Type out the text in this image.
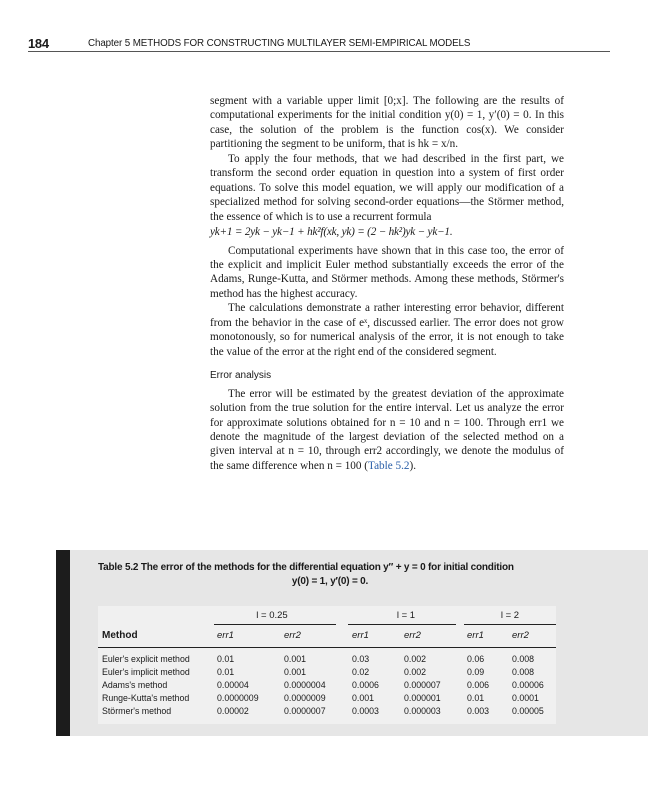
184	Chapter 5 METHODS FOR CONSTRUCTING MULTILAYER SEMI-EMPIRICAL MODELS

segment with a variable upper limit [0;x]. The following are the results of computational experiments for the initial condition y(0) = 1, y′(0) = 0. In this case, the solution of the problem is the function cos(x). We consider partitioning the segment to be uniform, that is hk = x/n.

To apply the four methods, that we had described in the first part, we transform the second order equation in question into a system of first order equations. To solve this model equation, we will apply our modification of a specialized method for solving second-order equations—the Störmer method, the essence of which is to use a recurrent formula

yk+1 = 2yk − yk−1 + hk²f(xk, yk) = (2 − hk²)yk − yk−1.

Computational experiments have shown that in this case too, the error of the explicit and implicit Euler method substantially exceeds the error of the Adams, Runge-Kutta, and Störmer methods. Among these methods, Störmer's method has the highest accuracy.

The calculations demonstrate a rather interesting error behavior, different from the behavior in the case of eˣ, discussed earlier. The error does not grow monotonously, so for numerical analysis of the error, it is not enough to take the value of the error at the right end of the considered segment.

Error analysis

The error will be estimated by the greatest deviation of the approximate solution from the true solution for the entire interval. Let us analyze the error for approximate solutions obtained for n = 10 and n = 100. Through err1 we denote the magnitude of the largest deviation of the selected method on a given interval at n = 10, through err2 accordingly, we denote the modulus of the same difference when n = 100 (Table 5.2).

Table 5.2 The error of the methods for the differential equation y″ + y = 0 for initial condition
y(0) = 1, y′(0) = 0.
l = 0.25	l = 1	l = 2
Method	err1	err2	err1	err2	err1	err2
Euler's explicit method	0.01	0.001	0.03	0.002	0.06	0.008
Euler's implicit method	0.01	0.001	0.02	0.002	0.09	0.008
Adams's method	0.00004	0.0000004	0.0006	0.000007	0.006	0.00006
Runge-Kutta's method	0.0000009	0.0000009	0.001	0.000001	0.01	0.0001
Störmer's method	0.00002	0.0000007	0.0003	0.000003	0.003	0.00005
